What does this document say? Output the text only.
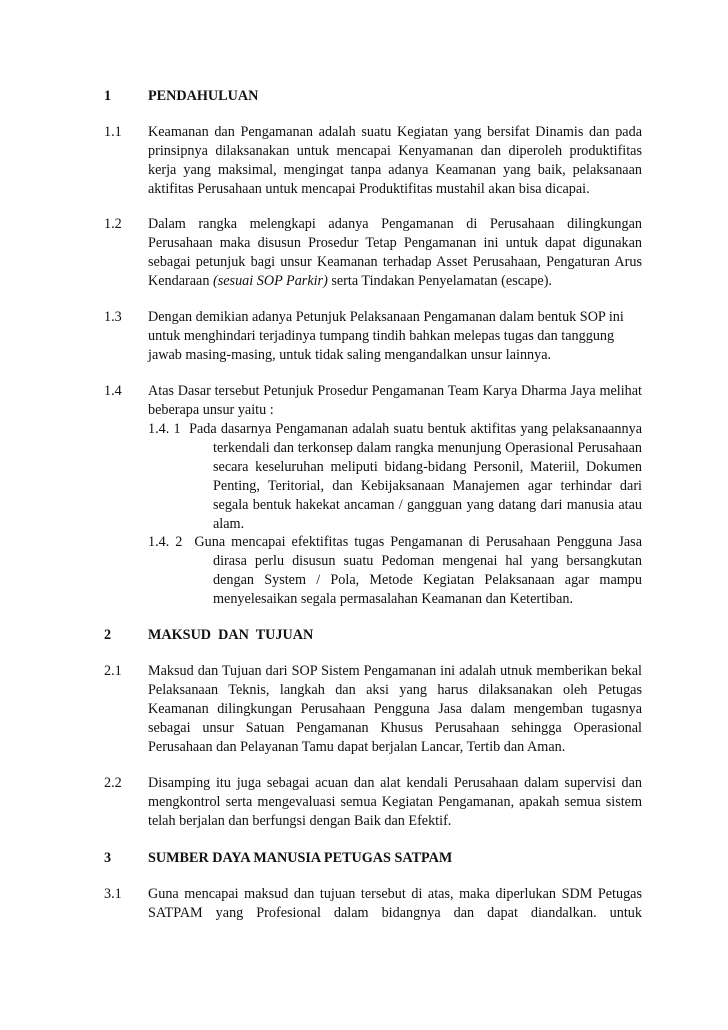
1	PENDAHULUAN
1.1 Keamanan dan Pengamanan adalah suatu Kegiatan yang bersifat Dinamis dan pada prinsipnya dilaksanakan untuk mencapai Kenyamanan dan diperoleh produktifitas kerja yang maksimal, mengingat tanpa adanya Keamanan yang baik, pelaksanaan aktifitas Perusahaan untuk mencapai Produktifitas mustahil akan bisa dicapai.
1.2 Dalam rangka melengkapi adanya Pengamanan di Perusahaan dilingkungan Perusahaan maka disusun Prosedur Tetap Pengamanan ini untuk dapat digunakan sebagai petunjuk bagi unsur Keamanan terhadap Asset Perusahaan, Pengaturan Arus Kendaraan (sesuai SOP Parkir) serta Tindakan Penyelamatan (escape).
1.3 Dengan demikian adanya Petunjuk Pelaksanaan Pengamanan dalam bentuk SOP ini untuk menghindari terjadinya tumpang tindih bahkan melepas tugas dan tanggung jawab masing-masing, untuk tidak saling mengandalkan unsur lainnya.
1.4 Atas Dasar tersebut Petunjuk Prosedur Pengamanan Team Karya Dharma Jaya melihat beberapa unsur yaitu :
1.4. 1 Pada dasarnya Pengamanan adalah suatu bentuk aktifitas yang pelaksanaannya terkendali dan terkonsep dalam rangka menunjung Operasional Perusahaan secara keseluruhan meliputi bidang-bidang Personil, Materiil, Dokumen Penting, Teritorial, dan Kebijaksanaan Manajemen agar terhindar dari segala bentuk hakekat ancaman / gangguan yang datang dari manusia atau alam.
1.4. 2 Guna mencapai efektifitas tugas Pengamanan di Perusahaan Pengguna Jasa dirasa perlu disusun suatu Pedoman mengenai hal yang bersangkutan dengan System / Pola, Metode Kegiatan Pelaksanaan agar mampu menyelesaikan segala permasalahan Keamanan dan Ketertiban.
2	MAKSUD  DAN  TUJUAN
2.1 Maksud dan Tujuan dari SOP Sistem Pengamanan ini adalah utnuk memberikan bekal Pelaksanaan Teknis, langkah dan aksi yang harus dilaksanakan oleh Petugas Keamanan dilingkungan Perusahaan Pengguna Jasa dalam mengemban tugasnya sebagai unsur Satuan Pengamanan Khusus Perusahaan sehingga Operasional Perusahaan dan Pelayanan Tamu dapat berjalan Lancar, Tertib dan Aman.
2.2 Disamping itu juga sebagai acuan dan alat kendali Perusahaan dalam supervisi dan mengkontrol serta mengevaluasi semua Kegiatan Pengamanan, apakah semua sistem telah berjalan dan berfungsi dengan Baik dan Efektif.
3	SUMBER DAYA MANUSIA PETUGAS SATPAM
3.1 Guna mencapai maksud dan tujuan tersebut di atas, maka diperlukan SDM Petugas SATPAM yang Profesional dalam bidangnya dan dapat diandalkan. untuk
